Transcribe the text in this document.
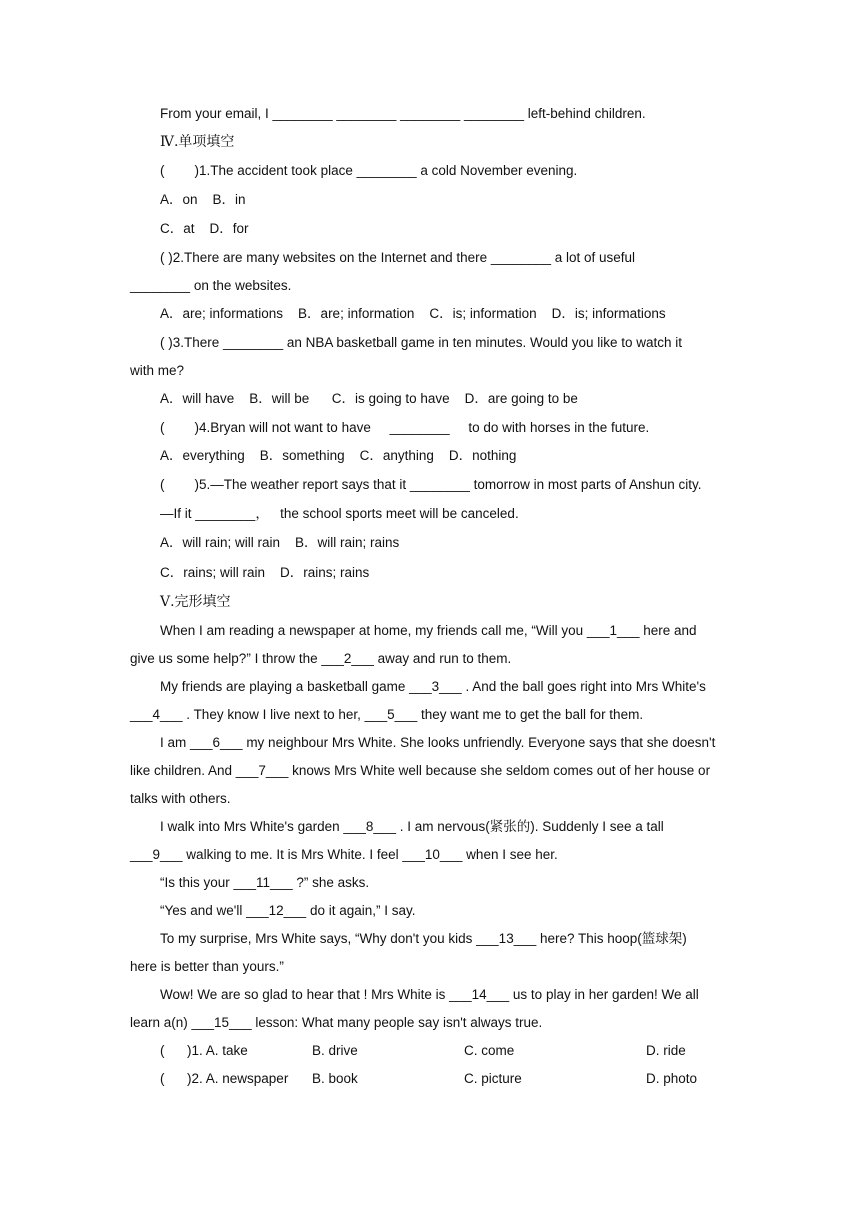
From your email, I ________ ________ ________ ________ left-behind children.
Ⅳ.单项填空
(        )1.The accident took place ________ a cold November evening.
A．on    B．in
C．at    D．for
( )2.There are many websites on the Internet and there ________ a lot of useful
________ on the websites.
A．are; informations    B．are; information    C．is; information    D．is; informations
( )3.There ________ an NBA basketball game in ten minutes. Would you like to watch it
with me?
A．will have    B．will be      C．is going to have    D．are going to be
(        )4.Bryan will not want to have     ________     to do with horses in the future.
A．everything    B．something    C．anything    D．nothing
(        )5.—The weather report says that it ________ tomorrow in most parts of Anshun city.
—If it ________，   the school sports meet will be canceled.
A．will rain; will rain    B．will rain; rains
C．rains; will rain    D．rains; rains
Ⅴ.完形填空
When I am reading a newspaper at home, my friends call me, “Will you ___1___ here and
give us some help?” I throw the ___2___ away and run to them.
My friends are playing a basketball game ___3___ . And the ball goes right into Mrs White's
___4___ . They know I live next to her, ___5___ they want me to get the ball for them.
I am ___6___ my neighbour Mrs White. She looks unfriendly. Everyone says that she doesn't
like children. And ___7___ knows Mrs White well because she seldom comes out of her house or
talks with others.
I walk into Mrs White's garden ___8___ . I am nervous(紧张的). Suddenly I see a tall
___9___ walking to me. It is Mrs White. I feel ___10___ when I see her.
“Is this your ___11___ ?” she asks.
“Yes and we'll ___12___ do it again,” I say.
To my surprise, Mrs White says, “Why don't you kids ___13___ here? This hoop(篮球架)
here is better than yours.”
Wow! We are so glad to hear that ! Mrs White is ___14___ us to play in her garden! We all
learn a(n) ___15___ lesson: What many people say isn't always true.
(      )1. A. take	B. drive	C. come	D. ride
(      )2. A. newspaper	B. book	C. picture	D. photo
